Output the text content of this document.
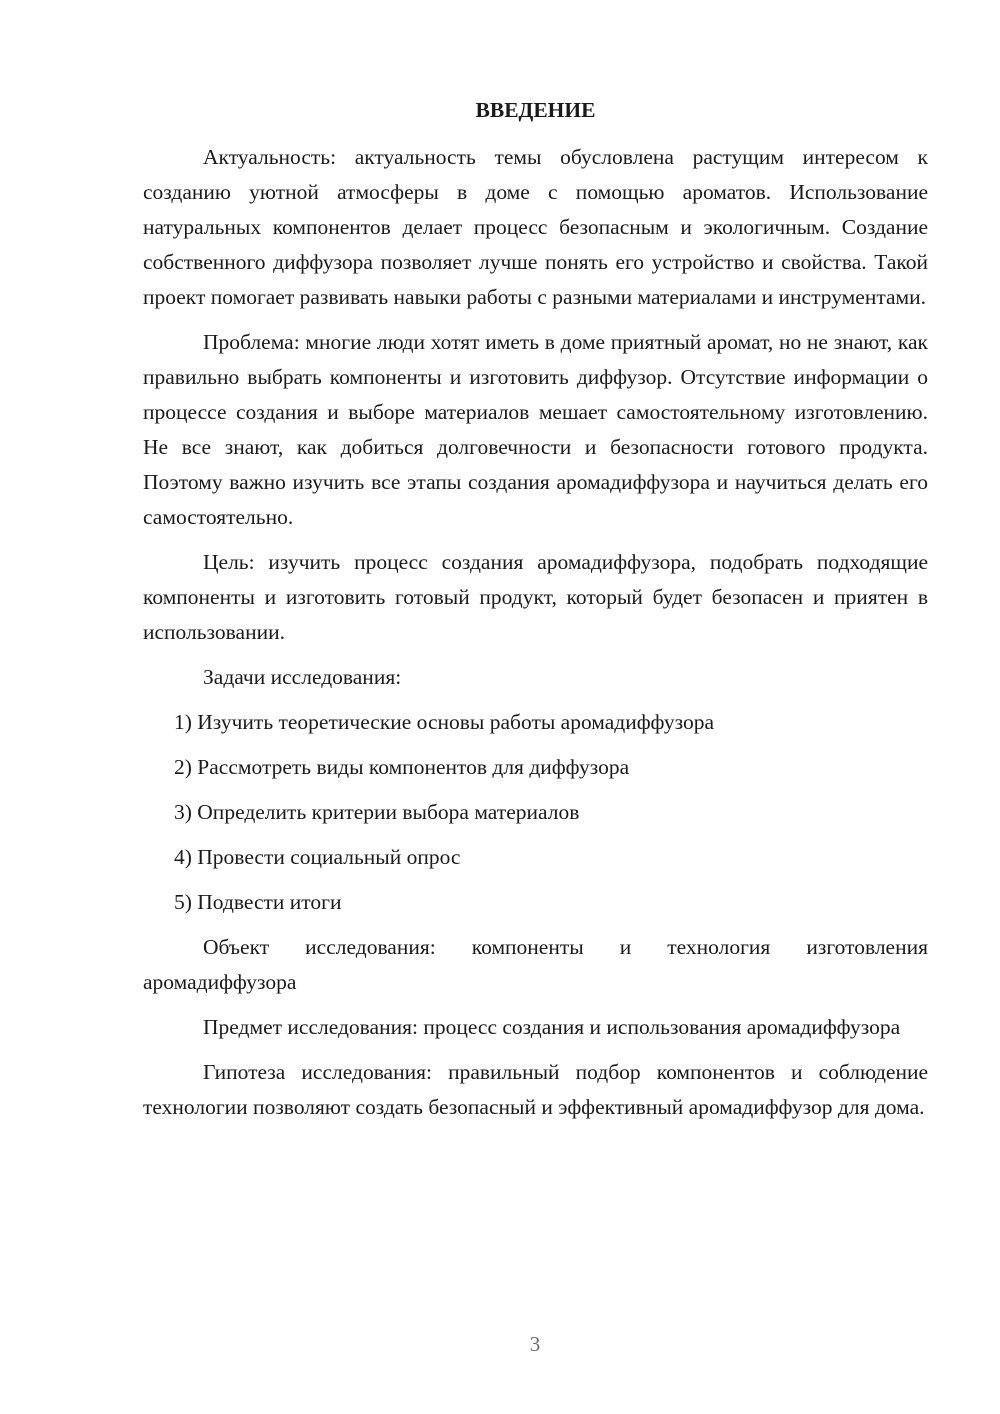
ВВЕДЕНИЕ

Актуальность: актуальность темы обусловлена растущим интересом к созданию уютной атмосферы в доме с помощью ароматов. Использование натуральных компонентов делает процесс безопасным и экологичным. Создание собственного диффузора позволяет лучше понять его устройство и свойства. Такой проект помогает развивать навыки работы с разными материалами и инструментами.

Проблема: многие люди хотят иметь в доме приятный аромат, но не знают, как правильно выбрать компоненты и изготовить диффузор. Отсутствие информации о процессе создания и выборе материалов мешает самостоятельному изготовлению. Не все знают, как добиться долговечности и безопасности готового продукта. Поэтому важно изучить все этапы создания аромадиффузора и научиться делать его самостоятельно.

Цель: изучить процесс создания аромадиффузора, подобрать подходящие компоненты и изготовить готовый продукт, который будет безопасен и приятен в использовании.

Задачи исследования:

1) Изучить теоретические основы работы аромадиффузора
2) Рассмотреть виды компонентов для диффузора
3) Определить критерии выбора материалов
4) Провести социальный опрос
5) Подвести итоги

Объект исследования: компоненты и технология изготовления аромадиффузора

Предмет исследования: процесс создания и использования аромадиффузора

Гипотеза исследования: правильный подбор компонентов и соблюдение технологии позволяют создать безопасный и эффективный аромадиффузор для дома.

3
